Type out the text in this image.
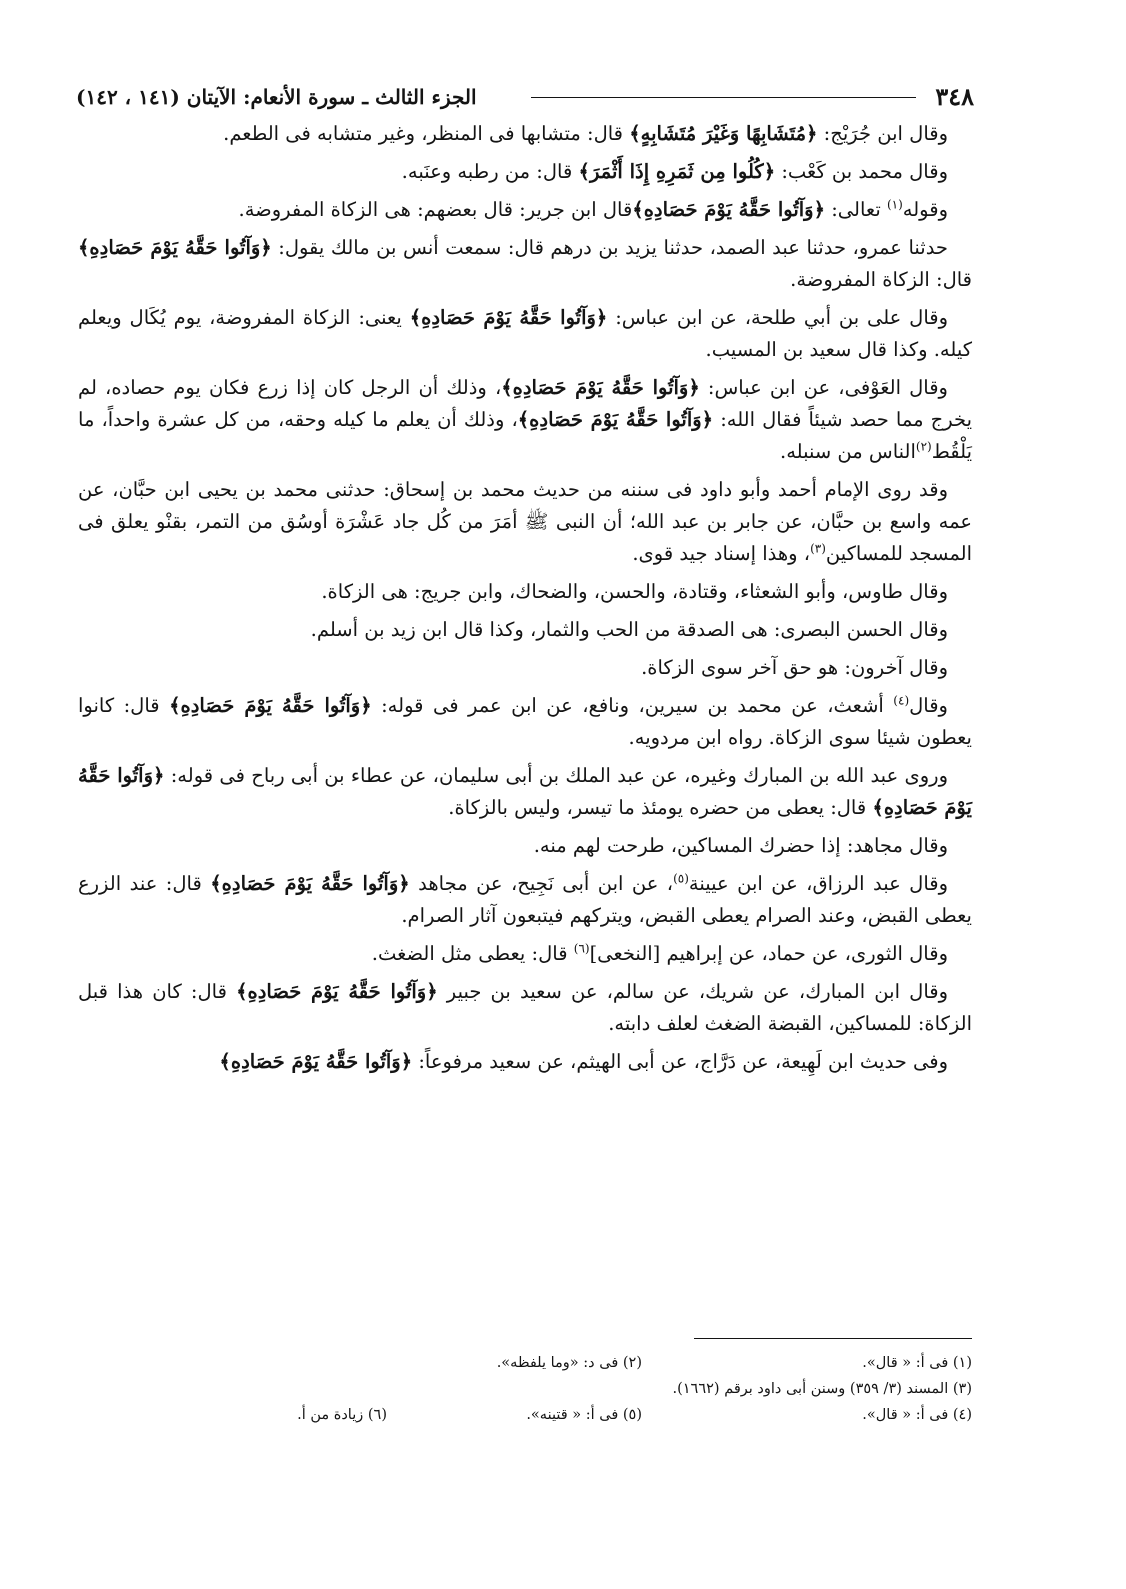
٣٤٨
الجزء الثالث ـ سورة الأنعام: الآيتان (١٤١ ، ١٤٢)

وقال ابن جُرَيْج: ﴿مُتَشَابِهًا وَغَيْرَ مُتَشَابِهٍ﴾ قال: متشابها فى المنظر، وغير متشابه فى الطعم.

وقال محمد بن كَعْب: ﴿كُلُوا مِن ثَمَرِهِ إِذَا أَثْمَرَ﴾ قال: من رطبه وعنَبه.

وقوله$^{(١)}$ تعالى: ﴿وَآتُوا حَقَّهُ يَوْمَ حَصَادِهِ﴾قال ابن جرير: قال بعضهم: هى الزكاة المفروضة.

حدثنا عمرو، حدثنا عبد الصمد، حدثنا يزيد بن درهم قال: سمعت أنس بن مالك يقول: ﴿وَآتُوا حَقَّهُ يَوْمَ حَصَادِهِ﴾ قال: الزكاة المفروضة.

وقال على بن أبي طلحة، عن ابن عباس: ﴿وَآتُوا حَقَّهُ يَوْمَ حَصَادِهِ﴾ يعنى: الزكاة المفروضة، يوم يُكَال ويعلم كيله. وكذا قال سعيد بن المسيب.

وقال العَوْفى، عن ابن عباس: ﴿وَآتُوا حَقَّهُ يَوْمَ حَصَادِهِ﴾، وذلك أن الرجل كان إذا زرع فكان يوم حصاده، لم يخرج مما حصد شيئاً فقال الله: ﴿وَآتُوا حَقَّهُ يَوْمَ حَصَادِهِ﴾، وذلك أن يعلم ما كيله وحقه، من كل عشرة واحداً، ما يَلْقُط$^{(٢)}$الناس من سنبله.

وقد روى الإمام أحمد وأبو داود فى سننه من حديث محمد بن إسحاق: حدثنى محمد بن يحيى ابن حبَّان، عن عمه واسع بن حبَّان، عن جابر بن عبد الله؛ أن النبى ﷺ أمَرَ من كُل جاد عَشْرَة أوسُق من التمر، بقنْو يعلق فى المسجد للمساكين$^{(٣)}$، وهذا إسناد جيد قوى.

وقال طاوس، وأبو الشعثاء، وقتادة، والحسن، والضحاك، وابن جريج: هى الزكاة.

وقال الحسن البصرى: هى الصدقة من الحب والثمار، وكذا قال ابن زيد بن أسلم.

وقال آخرون: هو حق آخر سوى الزكاة.

وقال$^{(٤)}$ أشعث، عن محمد بن سيرين، ونافع، عن ابن عمر فى قوله: ﴿وَآتُوا حَقَّهُ يَوْمَ حَصَادِهِ﴾ قال: كانوا يعطون شيئا سوى الزكاة. رواه ابن مردويه.

وروى عبد الله بن المبارك وغيره، عن عبد الملك بن أبى سليمان، عن عطاء بن أبى رباح فى قوله: ﴿وَآتُوا حَقَّهُ يَوْمَ حَصَادِهِ﴾ قال: يعطى من حضره يومئذ ما تيسر، وليس بالزكاة.

وقال مجاهد: إذا حضرك المساكين، طرحت لهم منه.

وقال عبد الرزاق، عن ابن عيينة$^{(٥)}$، عن ابن أبى نَجِيح، عن مجاهد ﴿وَآتُوا حَقَّهُ يَوْمَ حَصَادِهِ﴾ قال: عند الزرع يعطى القبض، وعند الصرام يعطى القبض، ويتركهم فيتبعون آثار الصرام.

وقال الثورى، عن حماد، عن إبراهيم [النخعى]$^{(٦)}$ قال: يعطى مثل الضغث.

وقال ابن المبارك، عن شريك، عن سالم، عن سعيد بن جبير ﴿وَآتُوا حَقَّهُ يَوْمَ حَصَادِهِ﴾ قال: كان هذا قبل الزكاة: للمساكين، القبضة الضغث لعلف دابته.

وفى حديث ابن لَهِيعة، عن دَرَّاج، عن أبى الهيثم، عن سعيد مرفوعاً: ﴿وَآتُوا حَقَّهُ يَوْمَ حَصَادِهِ﴾

(١) فى أ: « قال».
(٢) فى د: «وما يلفظه».
(٣) المسند (٣/ ٣٥٩) وسنن أبى داود برقم (١٦٦٢).
(٤) فى أ: « قال».
(٥) فى أ: « قتينه».
(٦) زيادة من أ.
